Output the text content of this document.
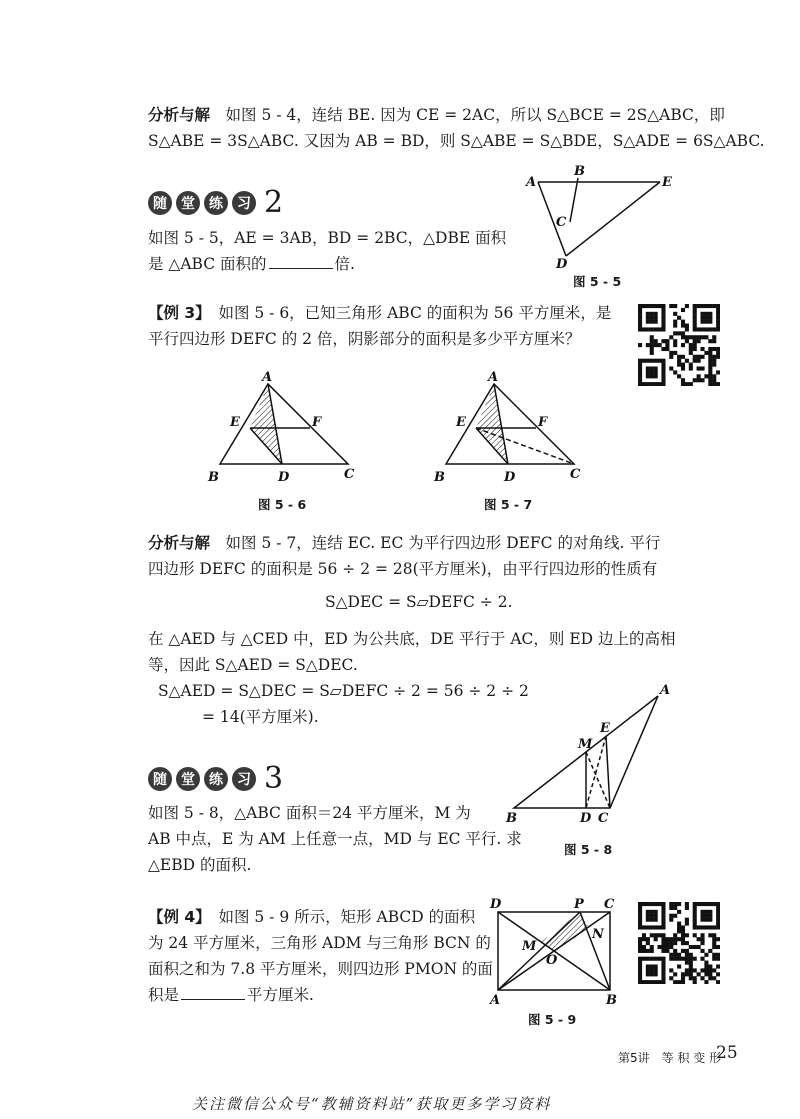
分析与解　如图 5 - 4，连结 BE. 因为 CE = 2AC，所以 S△BCE = 2S△ABC，即

S△ABE = 3S△ABC. 又因为 AB = BD，则 S△ABE = S△BDE，S△ADE = 6S△ABC.

随	堂	练	习 2

如图 5 - 5，AE = 3AB，BD = 2BC，△DBE 面积

是 △ABC 面积的	倍.

A
B
E
C
D
图 5 - 5

【例 3】　如图 5 - 6，已知三角形 ABC 的面积为 56 平方厘米，是

平行四边形 DEFC 的 2 倍，阴影部分的面积是多少平方厘米？

A
E	F
B	D	C
图 5 - 6
A
E	F
B	D	C
图 5 - 7

分析与解　如图 5 - 7，连结 EC. EC 为平行四边形 DEFC 的对角线. 平行

四边形 DEFC 的面积是 56 ÷ 2 = 28(平方厘米)，由平行四边形的性质有

S△DEC = S▱DEFC ÷ 2.

在 △AED 与 △CED 中，ED 为公共底，DE 平行于 AC，则 ED 边上的高相

等，因此 S△AED = S△DEC.

S△AED = S△DEC = S▱DEFC ÷ 2 = 56 ÷ 2 ÷ 2

= 14(平方厘米).

随	堂	练	习 3

如图 5 - 8，△ABC 面积＝24 平方厘米，M 为

AB 中点，E 为 AM 上任意一点，MD 与 EC 平行. 求

△EBD 的面积.

A
E
M
B	D C
图 5 - 8

【例 4】　如图 5 - 9 所示，矩形 ABCD 的面积

为 24 平方厘米，三角形 ADM 与三角形 BCN 的

面积之和为 7.8 平方厘米，则四边形 PMON 的面

积是	平方厘米.

D	P C
N
M
O
A	B
图 5 - 9
第5讲　等 积 变 形
25
关注微信公众号“教辅资料站”获取更多学习资料
